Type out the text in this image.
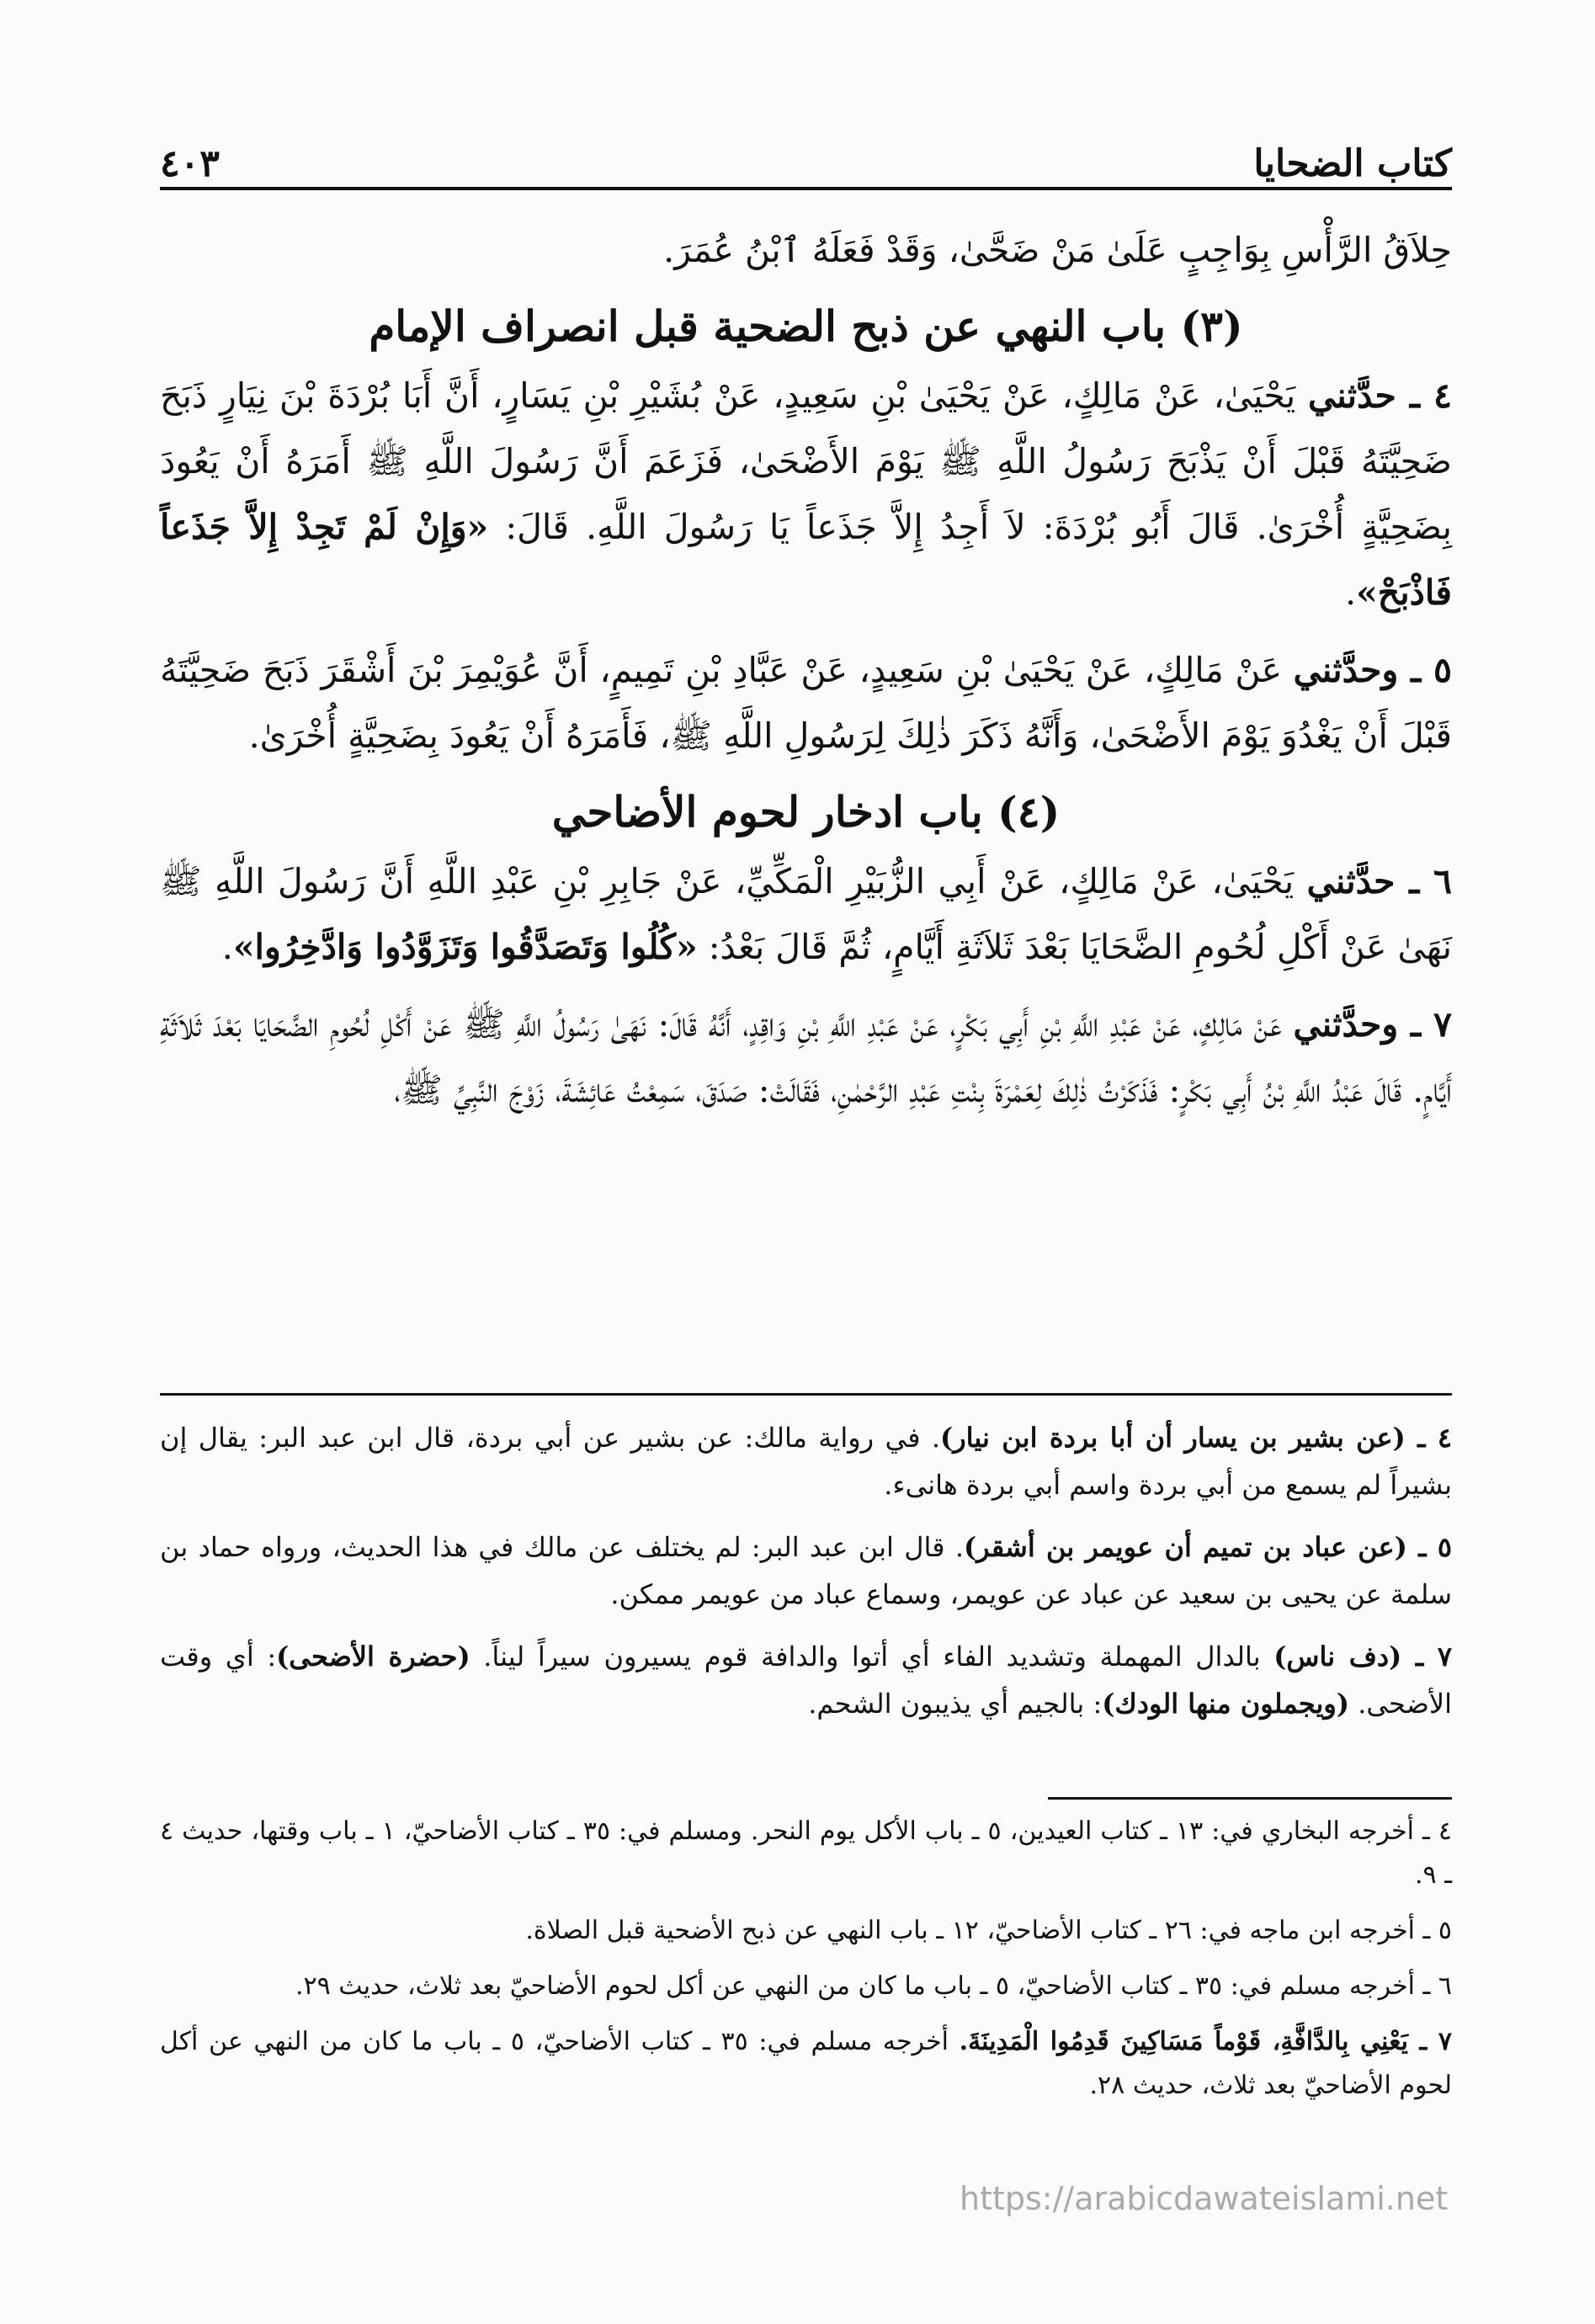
كتاب الضحايا
٤٠٣
حِلاَقُ الرَّأْسِ بِوَاجِبٍ عَلَىٰ مَنْ ضَحَّىٰ، وَقَدْ فَعَلَهُ ٱبْنُ عُمَرَ.
(٣) باب النهي عن ذبح الضحية قبل انصراف الإمام

٤ ـ حدَّثني يَحْيَىٰ، عَنْ مَالِكٍ، عَنْ يَحْيَىٰ بْنِ سَعِيدٍ، عَنْ بُشَيْرِ بْنِ يَسَارٍ، أَنَّ أَبَا بُرْدَةَ بْنَ نِيَارٍ ذَبَحَ ضَحِيَّتَهُ قَبْلَ أَنْ يَذْبَحَ رَسُولُ اللَّهِ ﷺ يَوْمَ الأَضْحَىٰ، فَزَعَمَ أَنَّ رَسُولَ اللَّهِ ﷺ أَمَرَهُ أَنْ يَعُودَ بِضَحِيَّةٍ أُخْرَىٰ. قَالَ أَبُو بُرْدَةَ: لاَ أَجِدُ إِلاَّ جَذَعاً يَا رَسُولَ اللَّهِ. قَالَ: «وَإِنْ لَمْ تَجِدْ إِلاَّ جَذَعاً فَاذْبَحْ».

٥ ـ وحدَّثني عَنْ مَالِكٍ، عَنْ يَحْيَىٰ بْنِ سَعِيدٍ، عَنْ عَبَّادِ بْنِ تَمِيمٍ، أَنَّ عُوَيْمِرَ بْنَ أَشْقَرَ ذَبَحَ ضَحِيَّتَهُ قَبْلَ أَنْ يَغْدُوَ يَوْمَ الأَضْحَىٰ، وَأَنَّهُ ذَكَرَ ذٰلِكَ لِرَسُولِ اللَّهِ ﷺ، فَأَمَرَهُ أَنْ يَعُودَ بِضَحِيَّةٍ أُخْرَىٰ.

(٤) باب ادخار لحوم الأضاحي

٦ ـ حدَّثني يَحْيَىٰ، عَنْ مَالِكٍ، عَنْ أَبِي الزُّبَيْرِ الْمَكِّيِّ، عَنْ جَابِرِ بْنِ عَبْدِ اللَّهِ أَنَّ رَسُولَ اللَّهِ ﷺ نَهَىٰ عَنْ أَكْلِ لُحُومِ الضَّحَايَا بَعْدَ ثَلاَثَةِ أَيَّامٍ، ثُمَّ قَالَ بَعْدُ: «كُلُوا وَتَصَدَّقُوا وَتَزَوَّدُوا وَادَّخِرُوا».

٧ ـ وحدَّثني عَنْ مَالِكٍ، عَنْ عَبْدِ اللَّهِ بْنِ أَبِي بَكْرٍ، عَنْ عَبْدِ اللَّهِ بْنِ وَاقِدٍ، أَنَّهُ قَالَ: نَهَىٰ رَسُولُ اللَّهِ ﷺ عَنْ أَكْلِ لُحُومِ الضَّحَايَا بَعْدَ ثَلاَثَةِ أَيَّامٍ. قَالَ عَبْدُ اللَّهِ بْنُ أَبِي بَكْرٍ: فَذَكَرْتُ ذٰلِكَ لِعَمْرَةَ بِنْتِ عَبْدِ الرَّحْمٰنِ، فَقَالَتْ: صَدَقَ، سَمِعْتُ عَائِشَةَ، زَوْجَ النَّبِيِّ ﷺ،

٤ ـ (عن بشير بن يسار أن أبا بردة ابن نيار). في رواية مالك: عن بشير عن أبي بردة، قال ابن عبد البر: يقال إن بشيراً لم يسمع من أبي بردة واسم أبي بردة هانىء.
٥ ـ (عن عباد بن تميم أن عويمر بن أشقر). قال ابن عبد البر: لم يختلف عن مالك في هذا الحديث، ورواه حماد بن سلمة عن يحيى بن سعيد عن عباد عن عويمر، وسماع عباد من عويمر ممكن.
٧ ـ (دف ناس) بالدال المهملة وتشديد الفاء أي أتوا والدافة قوم يسيرون سيراً ليناً. (حضرة الأضحى): أي وقت الأضحى. (ويجملون منها الودك): بالجيم أي يذيبون الشحم.
٤ ـ أخرجه البخاري في: ١٣ ـ كتاب العيدين، ٥ ـ باب الأكل يوم النحر. ومسلم في: ٣٥ ـ كتاب الأضاحيّ، ١ ـ باب وقتها، حديث ٤ ـ ٩.
٥ ـ أخرجه ابن ماجه في: ٢٦ ـ كتاب الأضاحيّ، ١٢ ـ باب النهي عن ذبح الأضحية قبل الصلاة.
٦ ـ أخرجه مسلم في: ٣٥ ـ كتاب الأضاحيّ، ٥ ـ باب ما كان من النهي عن أكل لحوم الأضاحيّ بعد ثلاث، حديث ٢٩.
٧ ـ يَعْنِي بِالدَّافَّةِ، قَوْماً مَسَاكِينَ قَدِمُوا الْمَدِينَةَ. أخرجه مسلم في: ٣٥ ـ كتاب الأضاحيّ، ٥ ـ باب ما كان من النهي عن أكل لحوم الأضاحيّ بعد ثلاث، حديث ٢٨.
https://arabicdawateislami.net
